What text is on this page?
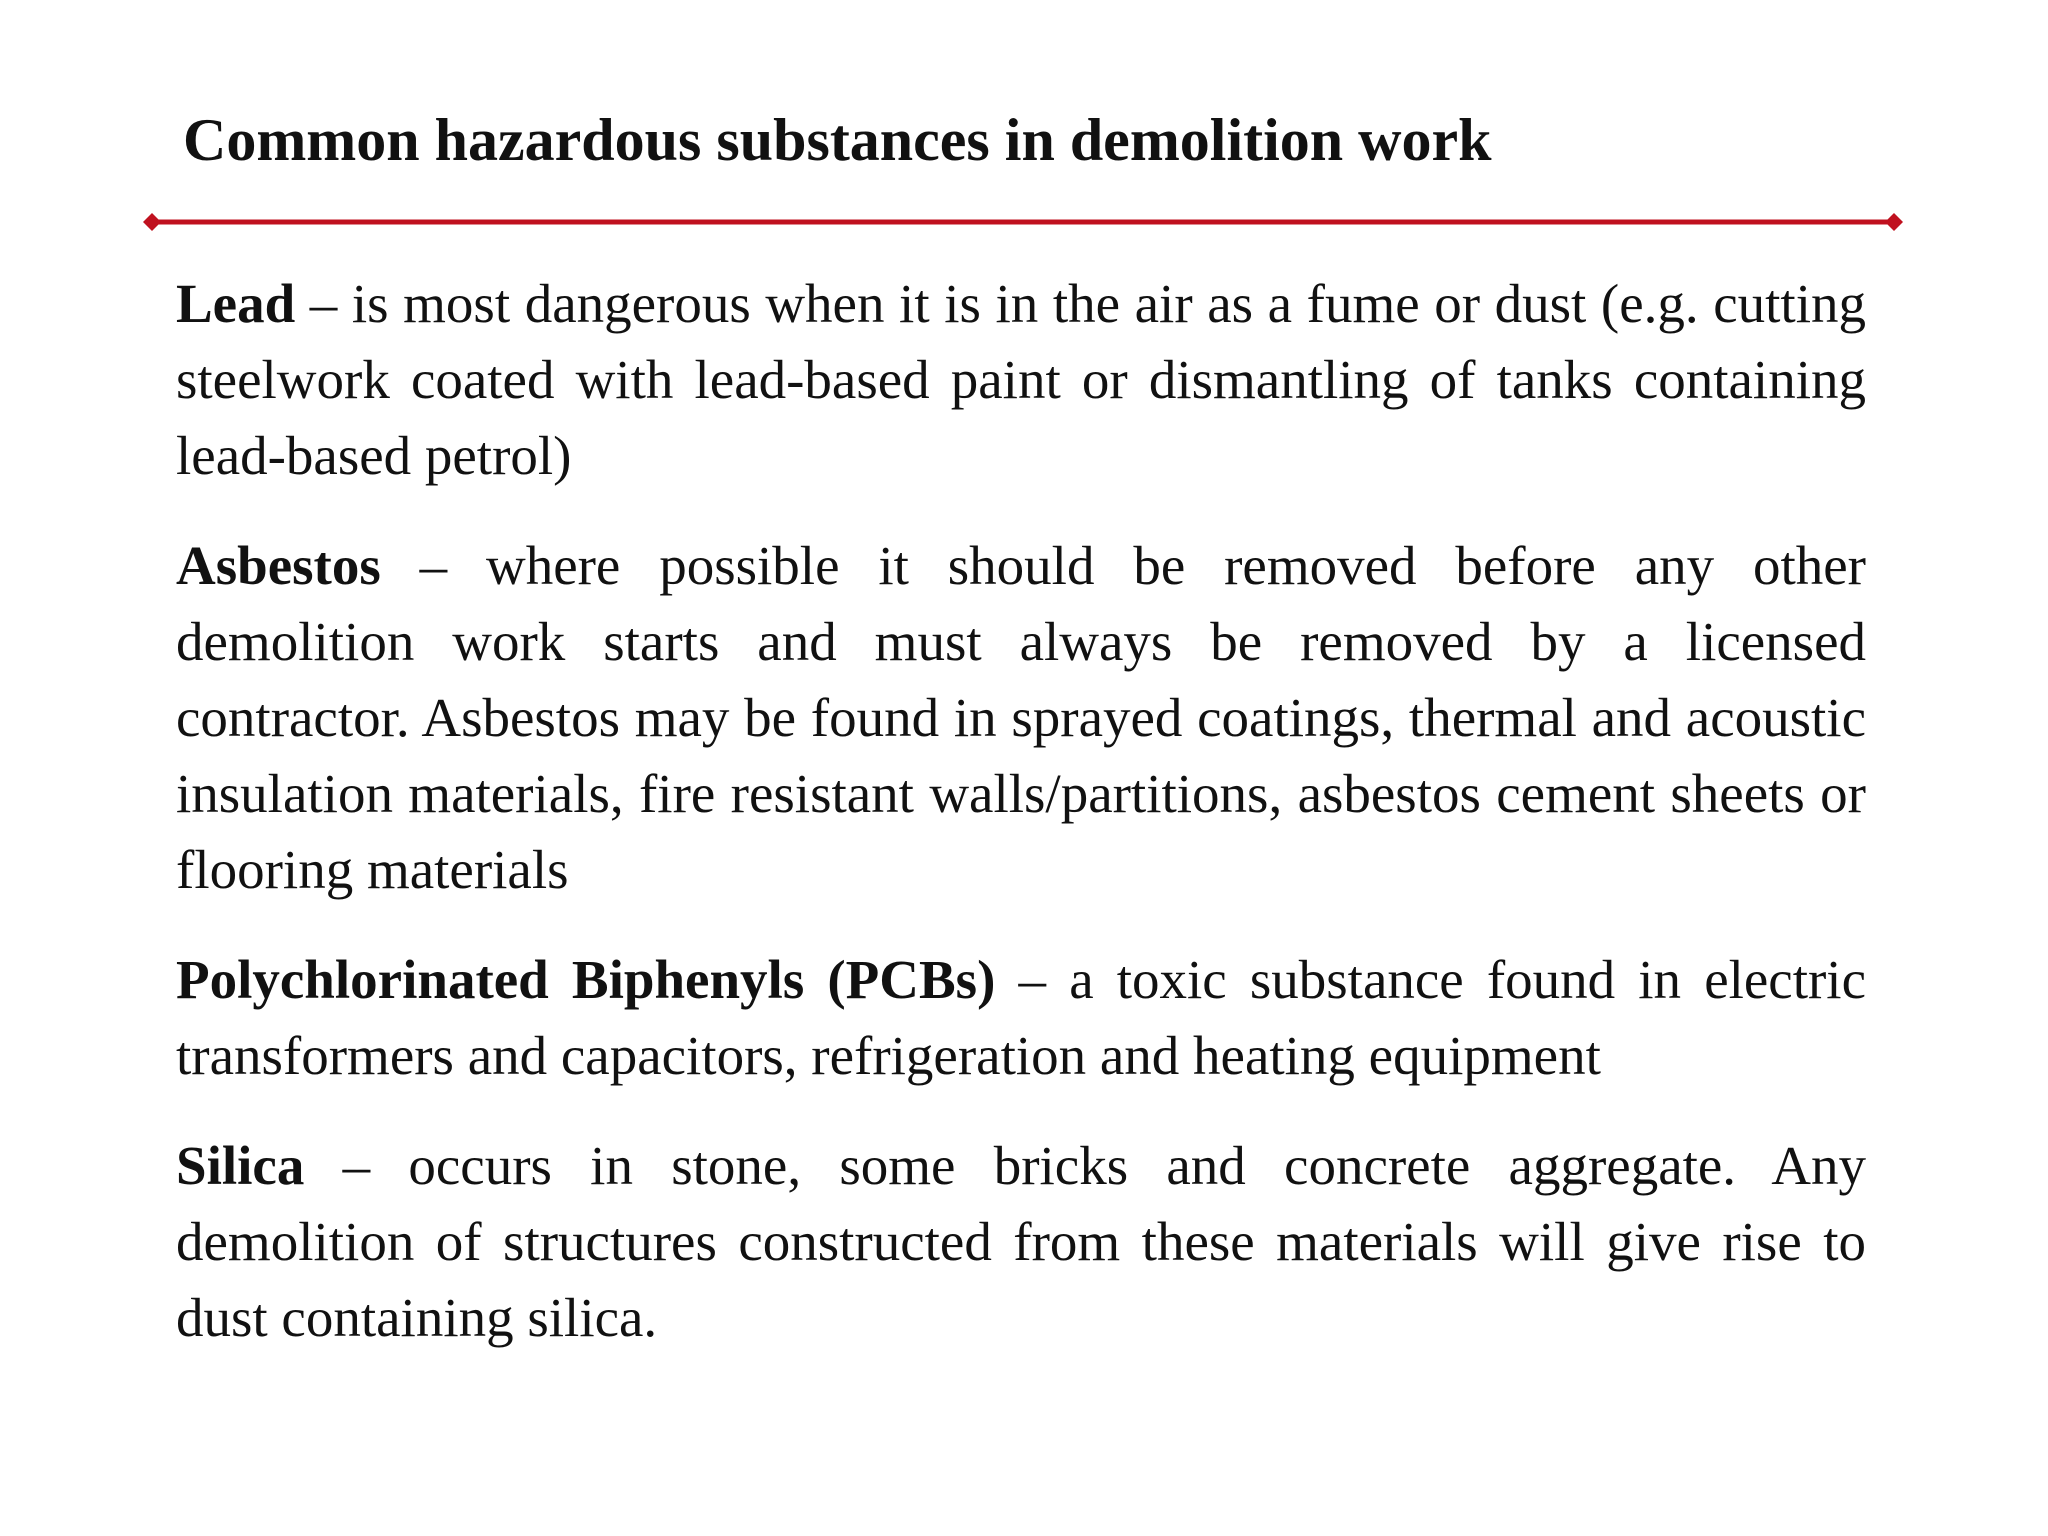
Common hazardous substances in demolition work

Lead – is most dangerous when it is in the air as a fume or dust (e.g. cutting steelwork coated with lead-based paint or dismantling of tanks containing lead-based petrol)

Asbestos – where possible it should be removed before any other demolition work starts and must always be removed by a licensed contractor. Asbestos may be found in sprayed coatings, thermal and acoustic insulation materials, fire resistant walls/partitions, asbestos cement sheets or flooring materials

Polychlorinated Biphenyls (PCBs) – a toxic substance found in electric transformers and capacitors, refrigeration and heating equipment

Silica – occurs in stone, some bricks and concrete aggregate. Any demolition of structures constructed from these materials will give rise to dust containing silica.
